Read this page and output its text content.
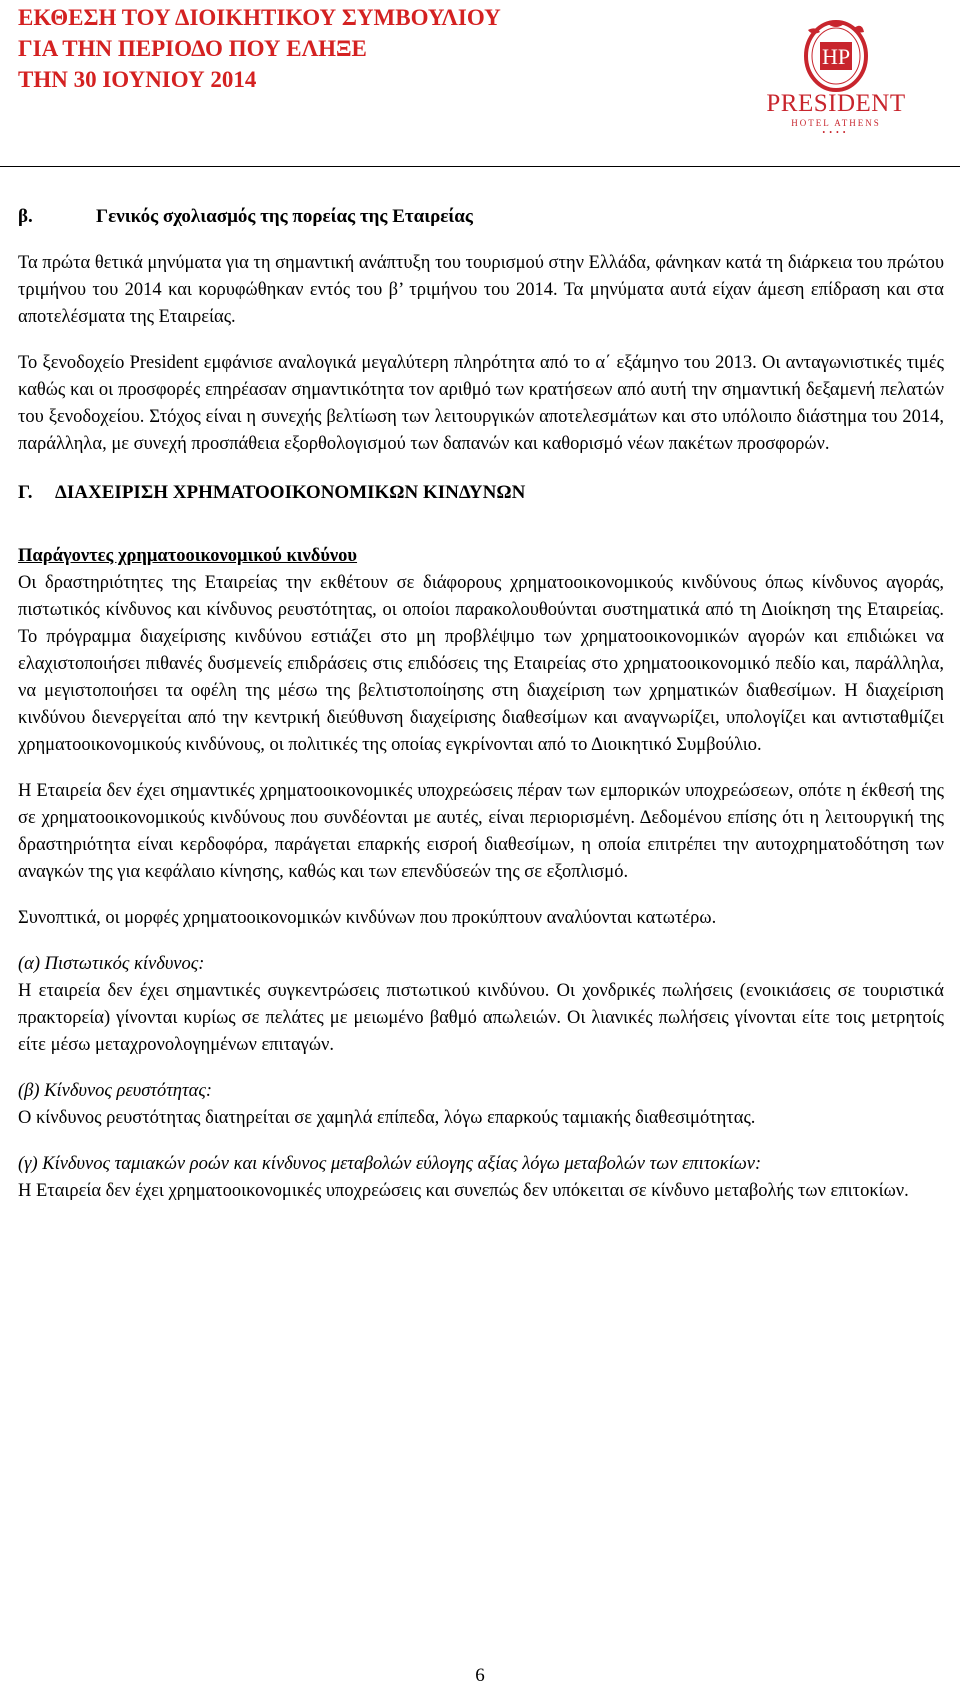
ΕΚΘΕΣΗ ΤΟΥ ΔΙΟΙΚΗΤΙΚΟΥ ΣΥΜΒΟΥΛΙΟΥ
ΓΙΑ ΤΗΝ ΠΕΡΙΟΔΟ ΠΟΥ ΕΛΗΞΕ
ΤΗΝ 30 ΙΟΥΝΙΟΥ 2014
HP
PRESIDENT
HOTEL ATHENS
••••

β.	Γενικός σχολιασμός της πορείας της Εταιρείας

Τα πρώτα θετικά μηνύματα για τη σημαντική ανάπτυξη του τουρισμού στην Ελλάδα, φάνηκαν κατά τη διάρκεια του πρώτου τριμήνου του 2014 και κορυφώθηκαν εντός του β’ τριμήνου του 2014. Τα μηνύματα αυτά είχαν άμεση επίδραση και στα αποτελέσματα της Εταιρείας.

Το ξενοδοχείο President εμφάνισε αναλογικά μεγαλύτερη πληρότητα από το α΄ εξάμηνο του 2013. Οι ανταγωνιστικές τιμές καθώς και οι προσφορές επηρέασαν σημαντικότητα τον αριθμό των κρατήσεων από αυτή την σημαντική δεξαμενή πελατών του ξενοδοχείου. Στόχος είναι η συνεχής βελτίωση των λειτουργικών αποτελεσμάτων και στο υπόλοιπο διάστημα του 2014, παράλληλα, με συνεχή προσπάθεια εξορθολογισμού των δαπανών και καθορισμό νέων πακέτων προσφορών.

Γ. ΔΙΑΧΕΙΡΙΣΗ ΧΡΗΜΑΤΟΟΙΚΟΝΟΜΙΚΩΝ ΚΙΝΔΥΝΩΝ

Παράγοντες χρηματοοικονομικού κινδύνου

Οι δραστηριότητες της Εταιρείας την εκθέτουν σε διάφορους χρηματοοικονομικούς κινδύνους όπως κίνδυνος αγοράς, πιστωτικός κίνδυνος και κίνδυνος ρευστότητας, οι οποίοι παρακολουθούνται συστηματικά από τη Διοίκηση της Εταιρείας. Το πρόγραμμα διαχείρισης κινδύνου εστιάζει στο μη προβλέψιμο των χρηματοοικονομικών αγορών και επιδιώκει να ελαχιστοποιήσει πιθανές δυσμενείς επιδράσεις στις επιδόσεις της Εταιρείας στο χρηματοοικονομικό πεδίο και, παράλληλα, να μεγιστοποιήσει τα οφέλη της μέσω της βελτιστοποίησης στη διαχείριση των χρηματικών διαθεσίμων. Η διαχείριση κινδύνου διενεργείται από την κεντρική διεύθυνση διαχείρισης διαθεσίμων και αναγνωρίζει, υπολογίζει και αντισταθμίζει χρηματοοικονομικούς κινδύνους, οι πολιτικές της οποίας εγκρίνονται από το Διοικητικό Συμβούλιο.

Η Εταιρεία δεν έχει σημαντικές χρηματοοικονομικές υποχρεώσεις πέραν των εμπορικών υποχρεώσεων, οπότε η έκθεσή της σε χρηματοοικονομικούς κινδύνους που συνδέονται με αυτές, είναι περιορισμένη. Δεδομένου επίσης ότι η λειτουργική της δραστηριότητα είναι κερδοφόρα, παράγεται επαρκής εισροή διαθεσίμων, η οποία επιτρέπει την αυτοχρηματοδότηση των αναγκών της για κεφάλαιο κίνησης, καθώς και των επενδύσεών της σε εξοπλισμό.

Συνοπτικά, οι μορφές χρηματοοικονομικών κινδύνων που προκύπτουν αναλύονται κατωτέρω.

(α) Πιστωτικός κίνδυνος:

Η εταιρεία δεν έχει σημαντικές συγκεντρώσεις πιστωτικού κινδύνου. Οι χονδρικές πωλήσεις (ενοικιάσεις σε τουριστικά πρακτορεία) γίνονται κυρίως σε πελάτες με μειωμένο βαθμό απωλειών. Οι λιανικές πωλήσεις γίνονται είτε τοις μετρητοίς είτε μέσω μεταχρονολογημένων επιταγών.

(β) Κίνδυνος ρευστότητας:

Ο κίνδυνος ρευστότητας διατηρείται σε χαμηλά επίπεδα, λόγω επαρκούς ταμιακής διαθεσιμότητας.

(γ) Κίνδυνος ταμιακών ροών και κίνδυνος μεταβολών εύλογης αξίας λόγω μεταβολών των επιτοκίων:

Η Εταιρεία δεν έχει χρηματοοικονομικές υποχρεώσεις και συνεπώς δεν υπόκειται σε κίνδυνο μεταβολής των επιτοκίων.

6
